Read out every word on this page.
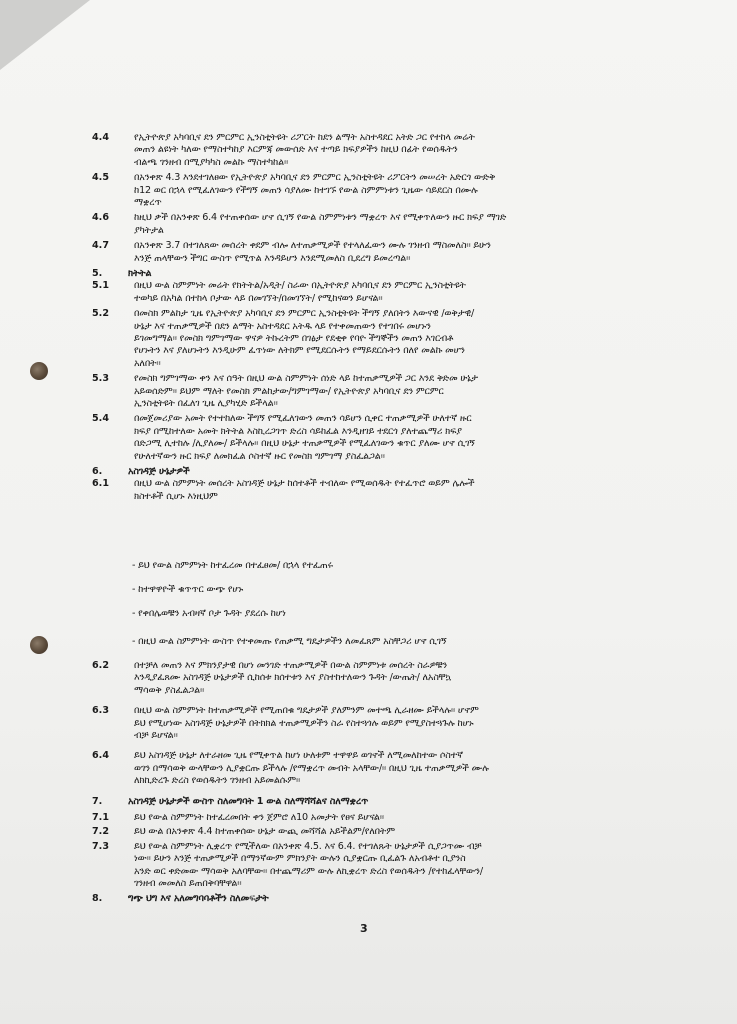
4.4	የኢትዮጵያ አካባቢና ደን ምርምር ኢንስቲትዩት ሪፖርት ከደን ልማት አስተዳደር አትድ ጋር የተከላ መሬት
መጠን ልዩነት ካለው የማስተካከያ እርምጃ መውሰድ እና ተጣይ ክፍያዎችን ከዚህ በፊት የወሰዱትን
ብልጫ ገንዘብ በሚያካካስ መልኩ ማስተካከል፡፡
4.5	በአንቀጽ 4.3 እንደተገለፀው የኢትዮጵያ አካባቢና ደን ምርምር ኢንስቲትዩት ሪፖርትን መሠረት አድርጎ ውድቅ
ከ12 ወር በኋላ የሚፈለገውን የችግኝ መጠን ሳያለሙ ከተገኙ የውል ስምምነቱን ጊዜው ሳይደርስ በሙሉ
ማቋረጥ
4.6	ከዚህ ቃች በአንቀጽ 6.4 የተጠቀሰው ሆኖ ሲገኝ የውል ስምምነቱን ማቋረጥ እና የሚቀጥለውን ዙር ክፍያ ማገድ
ያካትታል
4.7	በአንቀጽ 3.7 በተገለጸው መሰረት ቀደም ብሎ ለተጠቃሚዎች የተላለፈውን ሙሉ ገንዘብ ማስመለስ፡፡ ይሁን
እንጅ ጠላቸውን ችግር ውስጥ የሚጥል እንዳይሆን እንደሚመለስ ቢደረግ ይመረጣል፡፡
5.	ክትትል
5.1	በዚህ ውል ስምምነት መሬት የክትትል/አዲት/ ስራው በኢትዮጵያ አካባቢና ደን ምርምር ኢንስቲትዩት
ተወካይ በአካል በተከላ ቦታው ላይ በመገኘት/በመገኘት/ የሚከናወን ይሆናል፡፡
5.2	በመስክ ምልከታ ጊዜ የኢትዮጵያ አካባቢና ደን ምርምር ኢንስቲትዩት ችግኝ ያለበትን እውናዊ /ወቅታዊ/
ሁኔታ እና ተጠቃሚዎች በደን ልማት አስተዳደር አትዱ ላይ የተቀመጠውን የተገበሩ መሆኑን
ይገመግማል፡፡ የመስክ ግምገማው ዋናዎ ትኩረትም በገፅታ የደቂቀ የባዮ ችግኞችን መጠን እገርብቶ
የሆኑትን እና ያለሆኑትን እንዲሁም ፈጥነው ለትክም የሚደርሱትን የማይደርሱትን በለየ መልኩ መሆን
አለበት፡፡
5.3	የመስክ ግምገማው ቀን እና ሰዓት በዚህ ውል ስምምነት ሰነድ ላይ ከተጠቃሚዎች ጋር እንደ ቅድመ ሁኔታ
አይወሰድም፡፡ ይህም ማለት የመስክ ምልከታው/ግምገማው/ የኢትዮጵያ አካባቢና ደን ምርምር
ኢንስቲትዩት በፈለገ ጊዜ ሊያካሂድ ይችላል፡፡
5.4	በመጀመሪያው አመት የተተከለው ችግኝ የሚፈለገውን መጠን ሳይሆን ሲቀር ተጠቃሚዎች ሁለተኛ ዙር
ክፍያ በሚከተለው አመት ክትትል እስኪረጋገጥ ድረስ ሳይከፈል እንዲዘገይ ተደርጎ ያለተጨማሪ ክፍያ
በድጋሚ ሊተከሉ /ሊያለሙ/ ይችላሉ፡፡ በዚህ ሁኔታ ተጠቃሚዎች የሚፈለገውን ቁጥር ያለሙ ሆኖ ሲገኝ
የሁለተኛውን ዙር ክፍያ ለመክፈል ሶስተኛ ዙር የመስክ ግምገማ ያስፈልጋል፡፡
6.	አስገዳጅ ሁኔታዎች
6.1	በዚህ ውል ስምምነት መሰረት አስገዳጅ ሁኔታ ከሰተቶች ተብለው የሚወሰዱት የተፈጥሮ ወይም ሌሎች
ክስተቶች ሲሆኑ እነዚህም
- ይህ የውል ስምምነት ከተፈረመ በተፈፀመ/ በኋላ የተፈጠሩ
- ከተዋዋዮች ቁጥጥር ውጭ የሆኑ
- የቀበሌወቹን አብዛኛ ቦታ ጉዳት ያደረሱ ከሆነ
- በዚህ ውል ስምምነት ውስጥ የተቀመጡ የጠቃሚ ግዴታዎችን ለመፈጸም አስቸጋሪ ሆኖ ሲገኝ
6.2	በተቻለ መጠን እና ምክንያታዊ በሆነ መንገድ ተጠቃሚዎች በውል ስምምነቱ መሰረት ስራዎቹን
እንዲያፈጸሙ አስገዳጅ ሁኔታዎች ሲከሰቱ ክሰተቱን እና ያስተከተለውን ጉዳት /ውጤት/ ለአስቸኳ
ማሳወቅ ያስፈልጋል፡፡
6.3	በዚህ ውል ስምምነት ከተጠቃሚዎች የሚጠበቁ ግዴታዎች ያለምንም መተጫ ሊራዘሙ ይችላሉ፡፡ ሆኖም
ይህ የሚሆነው አስገዳጅ ሁኔታዎች በትክክል ተጠቃሚዎችን ስራ የስተጓጎሉ ወይም የሚያስተጓጉሉ ከሆኑ
ብቻ ይሆናል፡፡
6.4	ይህ አስገዳጅ ሁኔታ ለተራዘመ ጊዜ የሚቀጥል ከሆነ ሁለቱም ተዋዋይ ወገኖች ለሚመለከተው ሶስተኛ
ወገን በማሳወቅ ውላቸውን ሊያቋርጡ ይችላሉ /የማቋረጥ መብት አላቸው/፡፡ በዚህ ጊዜ ተጠቃሚዎች ሙሉ
ለክኪድረጉ ድረስ የወሰዱትን ገንዘብ አይመልሱም፡፡
7.	አስገዳጅ ሁኔታዎች ውስጥ ስለመግባት 1 ውል ስለማሻሻልና ስለማቋረጥ
7.1	ይህ የውል ስምምነት ከተፈረመበት ቀን ጀምሮ ለ10 አመታት የፀና ይሆናል፡፡
7.2	ይህ ውል በአንቀጽ 4.4 ከተጠቀሰው ሁኔታ ውጪ መሻሻል አይችልም/የለበትም
7.3	ይህ የውል ስምምነት ሊቋረጥ የሚችለው በአንቀጽ 4.5. እና 6.4. የተገለጹት ሁኔታዎች ሲያጋጥሙ ብቻ
ነው፡፡ ይሁን እንጅ ተጠቃሚዎች በማንኛውም ምክንያት ውሉን ሲያቋርጡ ቢፈልጉ ለአብቶተ ቢያንስ
አንድ ወር ቀድመው ማሳወቅ አለባቸው፡፡ በተጨማሪም ውሉ ለኪቋረጥ ድረስ የወሰዱትን /የተከፈላቸውን/
ገንዘብ መመለስ ይጠበቅባቸዋል፡፡
8.	ግጭ ህግ እና አለመግባባቶችን ስለመፍታት
3
